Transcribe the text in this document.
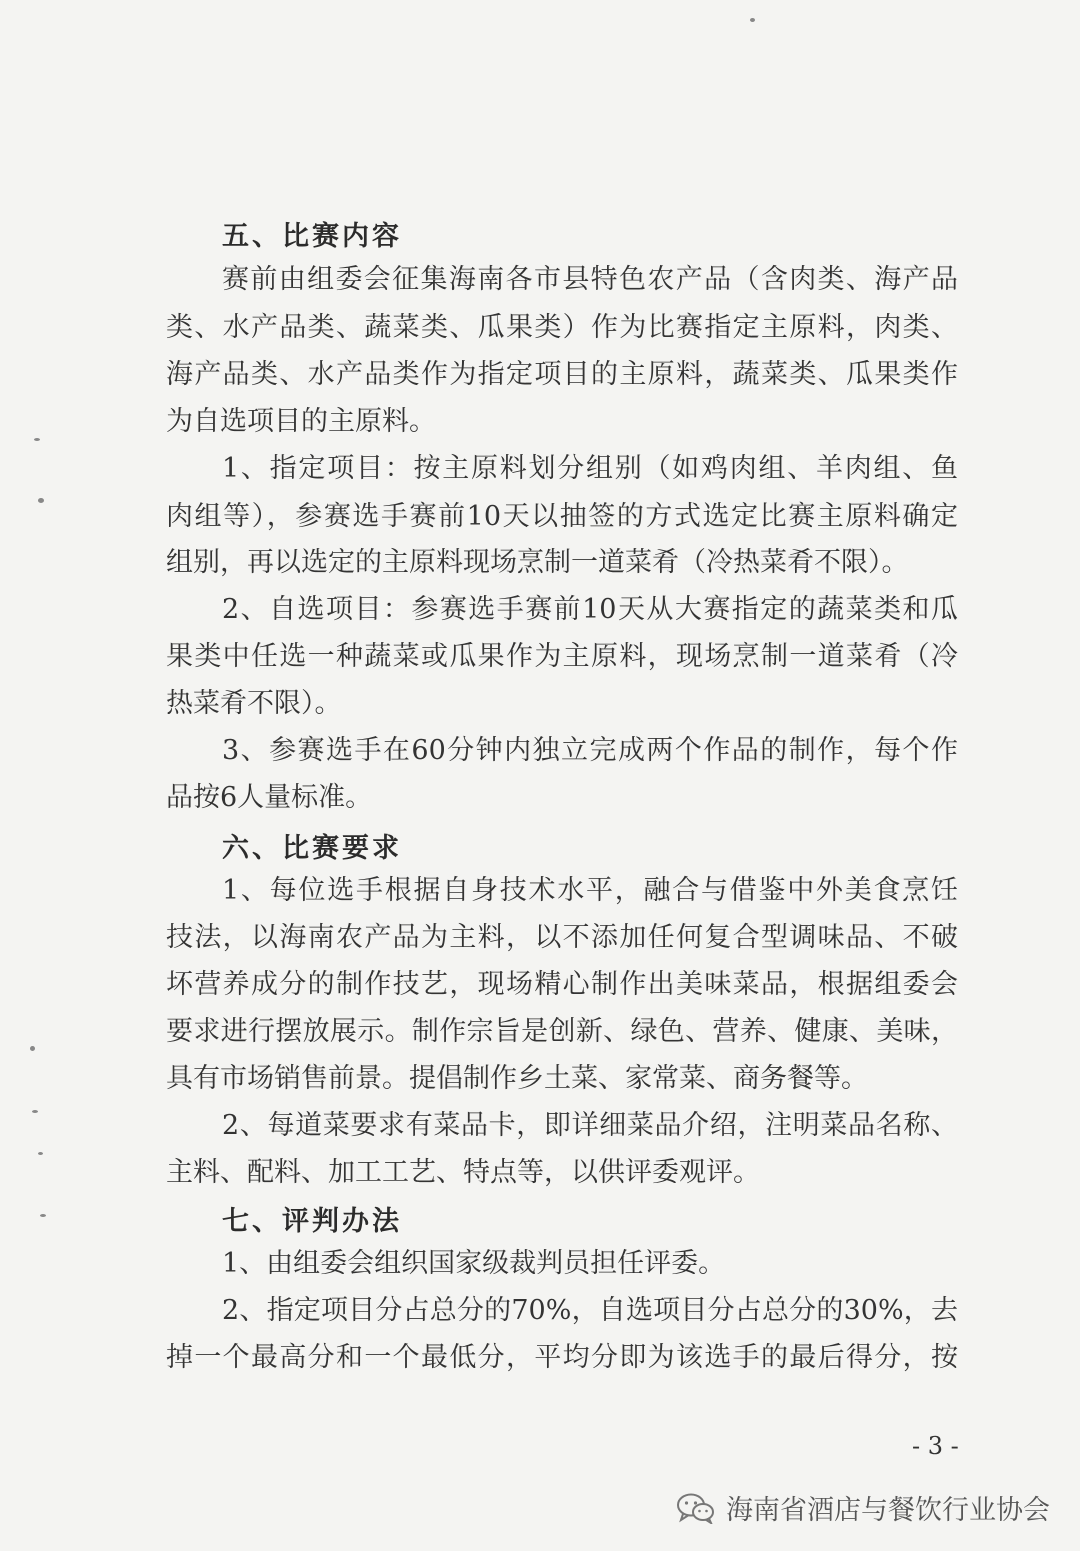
五、比赛内容
赛前由组委会征集海南各市县特色农产品（含肉类、海产品
类、水产品类、蔬菜类、瓜果类）作为比赛指定主原料，肉类、
海产品类、水产品类作为指定项目的主原料，蔬菜类、瓜果类作
为自选项目的主原料。
1、指定项目：按主原料划分组别（如鸡肉组、羊肉组、鱼
肉组等），参赛选手赛前10天以抽签的方式选定比赛主原料确定
组别，再以选定的主原料现场烹制一道菜肴（冷热菜肴不限）。
2、自选项目：参赛选手赛前10天从大赛指定的蔬菜类和瓜
果类中任选一种蔬菜或瓜果作为主原料，现场烹制一道菜肴（冷
热菜肴不限）。
3、参赛选手在60分钟内独立完成两个作品的制作，每个作
品按6人量标准。
六、比赛要求
1、每位选手根据自身技术水平，融合与借鉴中外美食烹饪
技法，以海南农产品为主料，以不添加任何复合型调味品、不破
坏营养成分的制作技艺，现场精心制作出美味菜品，根据组委会
要求进行摆放展示。制作宗旨是创新、绿色、营养、健康、美味，
具有市场销售前景。提倡制作乡土菜、家常菜、商务餐等。
2、每道菜要求有菜品卡，即详细菜品介绍，注明菜品名称、
主料、配料、加工工艺、特点等，以供评委观评。
七、评判办法
1、由组委会组织国家级裁判员担任评委。
2、指定项目分占总分的70%，自选项目分占总分的30%，去
掉一个最高分和一个最低分，平均分即为该选手的最后得分，按
- 3 -
海南省酒店与餐饮行业协会
